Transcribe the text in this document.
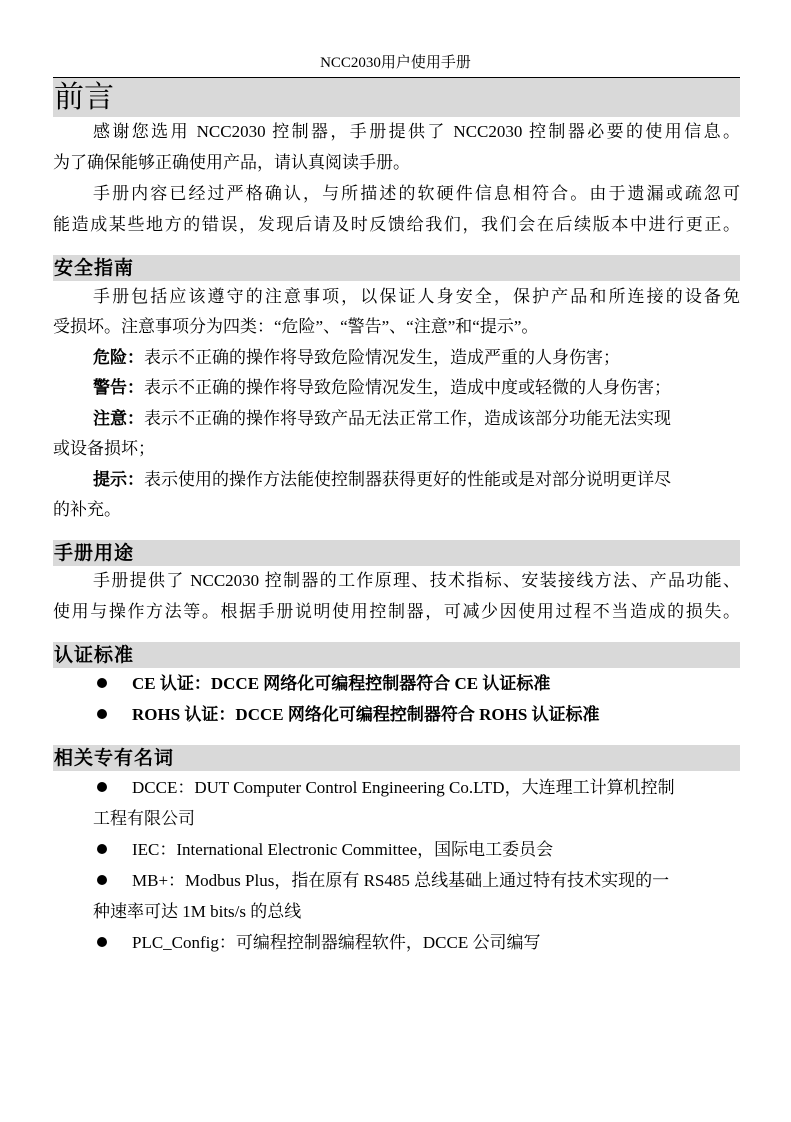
NCC2030用户使用手册
前言
感谢您选用 NCC2030 控制器，手册提供了 NCC2030 控制器必要的使用信息。
为了确保能够正确使用产品，请认真阅读手册。
手册内容已经过严格确认，与所描述的软硬件信息相符合。由于遗漏或疏忽可
能造成某些地方的错误，发现后请及时反馈给我们，我们会在后续版本中进行更正。
安全指南
手册包括应该遵守的注意事项，以保证人身安全，保护产品和所连接的设备免
受损坏。注意事项分为四类：“危险”、“警告”、“注意”和“提示”。
危险：表示不正确的操作将导致危险情况发生，造成严重的人身伤害；
警告：表示不正确的操作将导致危险情况发生，造成中度或轻微的人身伤害；
注意：表示不正确的操作将导致产品无法正常工作，造成该部分功能无法实现
或设备损坏；
提示：表示使用的操作方法能使控制器获得更好的性能或是对部分说明更详尽
的补充。
手册用途
手册提供了 NCC2030 控制器的工作原理、技术指标、安装接线方法、产品功能、
使用与操作方法等。根据手册说明使用控制器，可减少因使用过程不当造成的损失。
认证标准
CE 认证：DCCE 网络化可编程控制器符合 CE 认证标准
ROHS 认证：DCCE 网络化可编程控制器符合 ROHS 认证标准
相关专有名词
DCCE：DUT Computer Control Engineering Co.LTD，大连理工计算机控制
工程有限公司
IEC：International Electronic Committee，国际电工委员会
MB+：Modbus Plus，指在原有 RS485 总线基础上通过特有技术实现的一
种速率可达 1M bits/s 的总线
PLC_Config：可编程控制器编程软件，DCCE 公司编写
